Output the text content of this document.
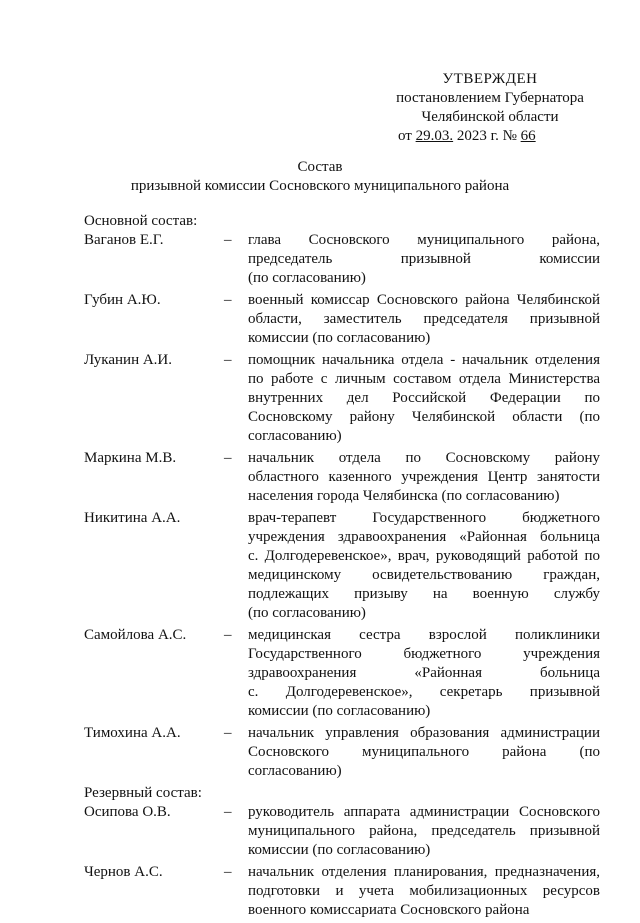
УТВЕРЖДЕН
постановлением Губернатора
Челябинской области
от 29.03. 2023 г. № 66
Состав
призывной комиссии Сосновского муниципального района
Основной состав:
Ваганов Е.Г.	–	глава Сосновского муниципального района,
председатель призывной комиссии
(по согласованию)
Губин А.Ю.	–	военный комиссар Сосновского района Челябинской
области, заместитель председателя призывной
комиссии (по согласованию)
Луканин А.И.	–	помощник начальника отдела - начальник отделения
по работе с личным составом отдела Министерства
внутренних дел Российской Федерации по
Сосновскому району Челябинской области (по
согласованию)
Маркина М.В.	–	начальник отдела по Сосновскому району
областного казенного учреждения Центр занятости
населения города Челябинска (по согласованию)
Никитина А.А.	врач-терапевт Государственного бюджетного
учреждения здравоохранения «Районная больница
с. Долгодеревенское», врач, руководящий работой по
медицинскому освидетельствованию граждан,
подлежащих призыву на военную службу
(по согласованию)
Самойлова А.С.	–	медицинская сестра взрослой поликлиники
Государственного бюджетного учреждения
здравоохранения «Районная больница
с. Долгодеревенское», секретарь призывной
комиссии (по согласованию)
Тимохина А.А.	–	начальник управления образования администрации
Сосновского муниципального района (по
согласованию)
Резервный состав:
Осипова О.В.	–	руководитель аппарата администрации Сосновского
муниципального района, председатель призывной
комиссии (по согласованию)
Чернов А.С.	–	начальник отделения планирования, предназначения,
подготовки и учета мобилизационных ресурсов
военного комиссариата Сосновского района
